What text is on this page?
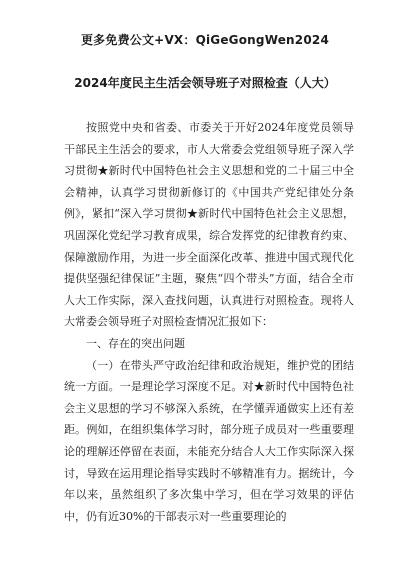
更多免费公文+VX：QiGeGongWen2024
2024年度民主生活会领导班子对照检查（人大）

按照党中央和省委、市委关于开好2024年度党员领导干部民主生活会的要求，市人大常委会党组领导班子深入学习贯彻★新时代中国特色社会主义思想和党的二十届三中全会精神，认真学习贯彻新修订的《中国共产党纪律处分条例》，紧扣“深入学习贯彻★新时代中国特色社会主义思想，巩固深化党纪学习教育成果，综合发挥党的纪律教育约束、保障激励作用，为进一步全面深化改革、推进中国式现代化提供坚强纪律保证”主题，聚焦“四个带头”方面，结合全市人大工作实际，深入查找问题，认真进行对照检查。现将人大常委会领导班子对照检查情况汇报如下：

一、存在的突出问题

（一）在带头严守政治纪律和政治规矩，维护党的团结统一方面。一是理论学习深度不足。对★新时代中国特色社会主义思想的学习不够深入系统，在学懂弄通做实上还有差距。例如，在组织集体学习时，部分班子成员对一些重要理论的理解还停留在表面，未能充分结合人大工作实际深入探讨，导致在运用理论指导实践时不够精准有力。据统计，今年以来，虽然组织了多次集中学习，但在学习效果的评估中，仍有近30%的干部表示对一些重要理论的
